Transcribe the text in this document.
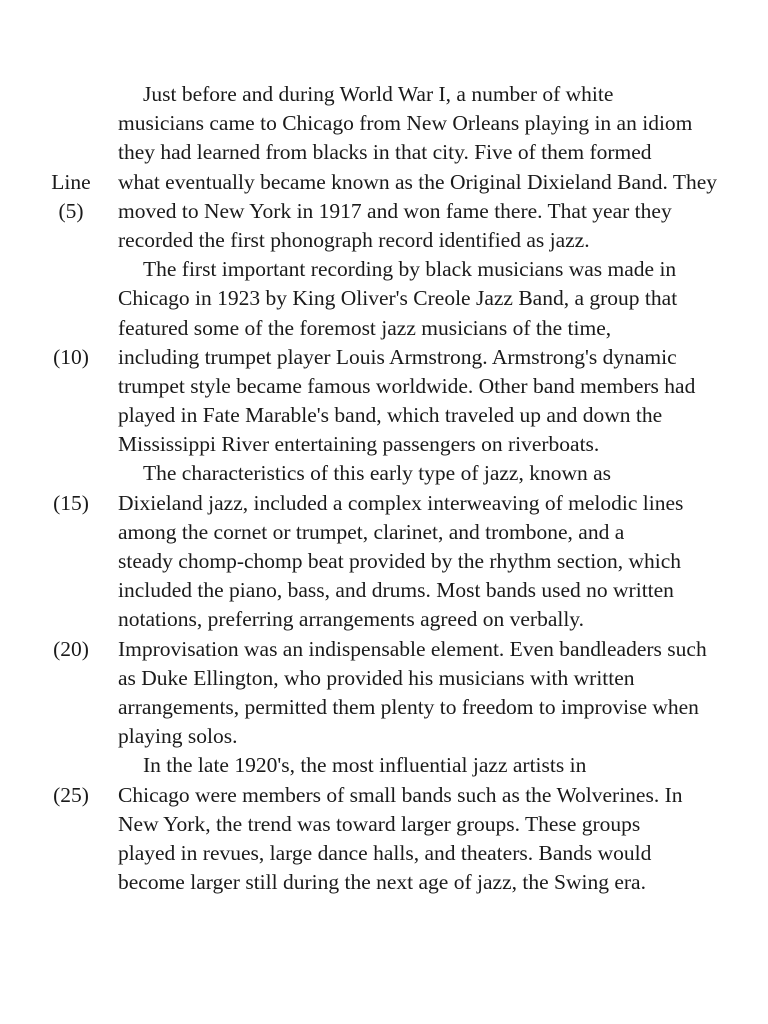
Just before and during World War I, a number of white
musicians came to Chicago from New Orleans playing in an idiom
they had learned from blacks in that city. Five of them formed
Line	what eventually became known as the Original Dixieland Band. They
(5)	moved to New York in 1917 and won fame there. That year they
recorded the first phonograph record identified as jazz.
The first important recording by black musicians was made in
Chicago in 1923 by King Oliver's Creole Jazz Band, a group that
featured some of the foremost jazz musicians of the time,
(10)	including trumpet player Louis Armstrong. Armstrong's dynamic
trumpet style became famous worldwide. Other band members had
played in Fate Marable's band, which traveled up and down the
Mississippi River entertaining passengers on riverboats.
The characteristics of this early type of jazz, known as
(15)	Dixieland jazz, included a complex interweaving of melodic lines
among the cornet or trumpet, clarinet, and trombone, and a
steady chomp-chomp beat provided by the rhythm section, which
included the piano, bass, and drums. Most bands used no written
notations, preferring arrangements agreed on verbally.
(20)	Improvisation was an indispensable element. Even bandleaders such
as Duke Ellington, who provided his musicians with written
arrangements, permitted them plenty to freedom to improvise when
playing solos.
In the late 1920's, the most influential jazz artists in
(25)	Chicago were members of small bands such as the Wolverines. In
New York, the trend was toward larger groups. These groups
played in revues, large dance halls, and theaters. Bands would
become larger still during the next age of jazz, the Swing era.
